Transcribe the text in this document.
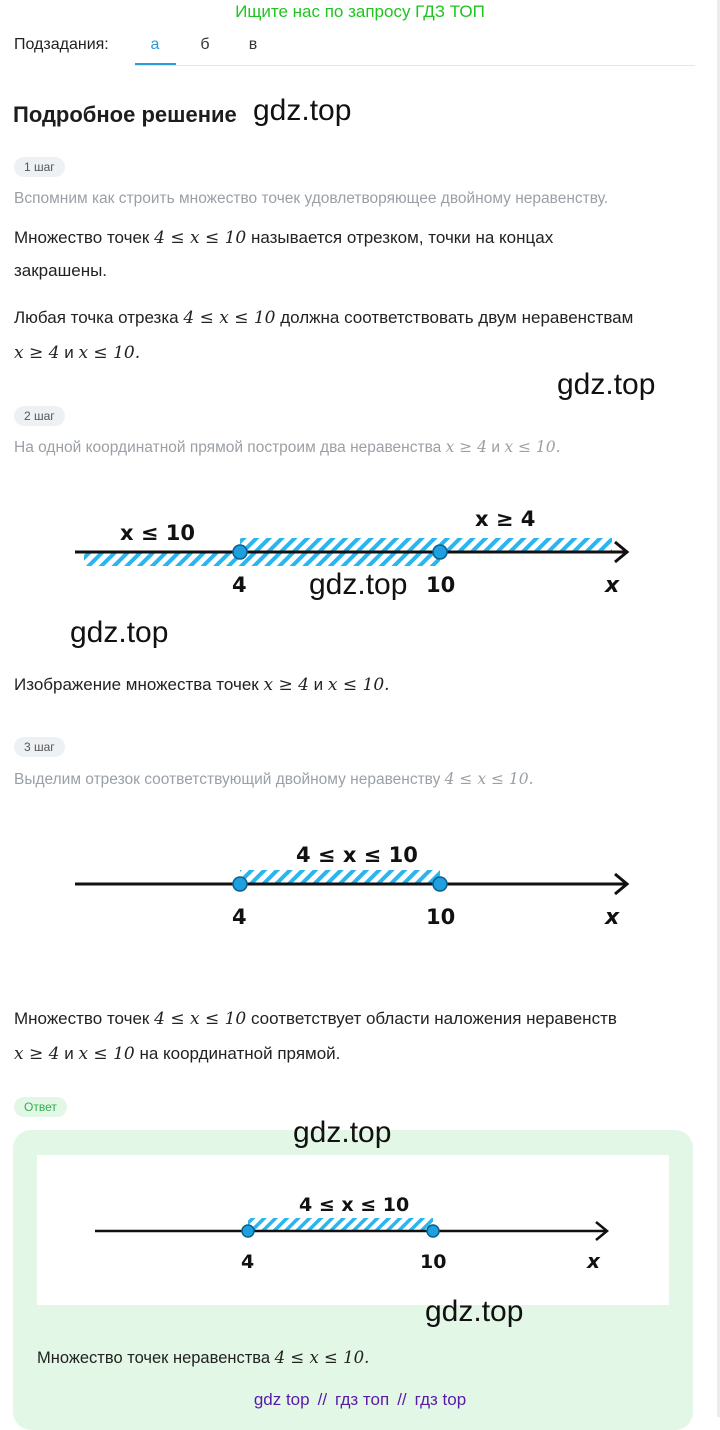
Ищите нас по запросу ГДЗ ТОП
Подзадания:	а	б	в
Подробное решение gdz.top
1 шаг
Вспомним как строить множество точек удовлетворяющее двойному неравенству.
Множество точек 4 ≤ x ≤ 10 называется отрезком, точки на концах
закрашены.
Любая точка отрезка 4 ≤ x ≤ 10 должна соответствовать двум неравенствам
x ≥ 4 и x ≤ 10.
gdz.top
2 шаг
На одной координатной прямой построим два неравенства x ≥ 4 и x ≤ 10.
x ≤ 10
x ≥ 4
4	10	x
gdz.top
gdz.top
Изображение множества точек x ≥ 4 и x ≤ 10.
3 шаг
Выделим отрезок соответствующий двойному неравенству 4 ≤ x ≤ 10.
4 ≤ x ≤ 10
4	10	x
Множество точек 4 ≤ x ≤ 10 соответствует области наложения неравенств
x ≥ 4 и x ≤ 10 на координатной прямой.
Ответ
gdz.top
4 ≤ x ≤ 10
4	10	x
gdz.top
Множество точек неравенства 4 ≤ x ≤ 10.
gdz top // гдз топ // гдз top
